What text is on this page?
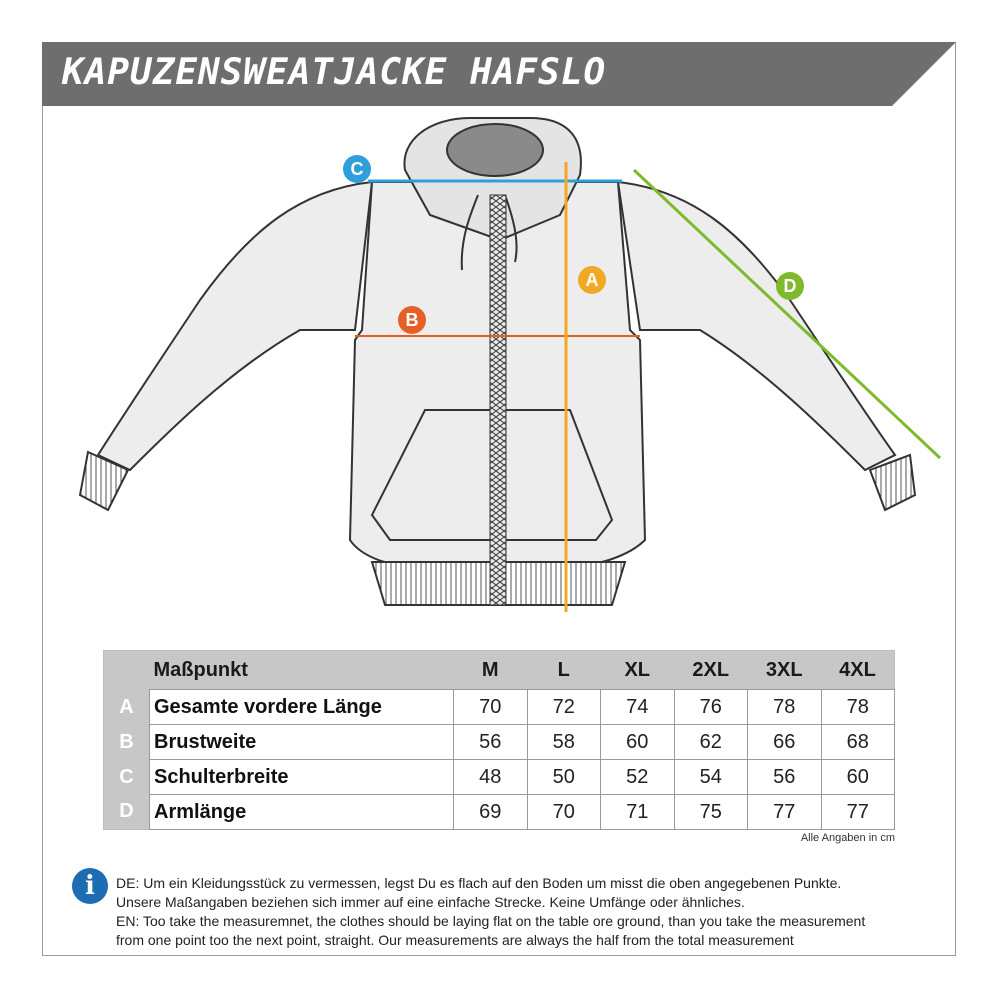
KAPUZENSWEATJACKE HAFSLO
C
B
A	D
	Maßpunkt	M	L	XL	2XL	3XL	4XL
A	Gesamte vordere Länge	70	72	74	76	78	78
B	Brustweite	56	58	60	62	66	68
C	Schulterbreite	48	50	52	54	56	60
D	Armlänge	69	70	71	75	77	77
Alle Angaben in cm
i	DE: Um ein Kleidungsstück zu vermessen, legst Du es flach auf den Boden um misst die oben angegebenen Punkte.
Unsere Maßangaben beziehen sich immer auf eine einfache Strecke. Keine Umfänge oder ähnliches.
EN: Too take the measuremnet, the clothes should be laying flat on the table ore ground, than you take the measurement
from one point too the next point, straight. Our measurements are always the half from the total measurement
